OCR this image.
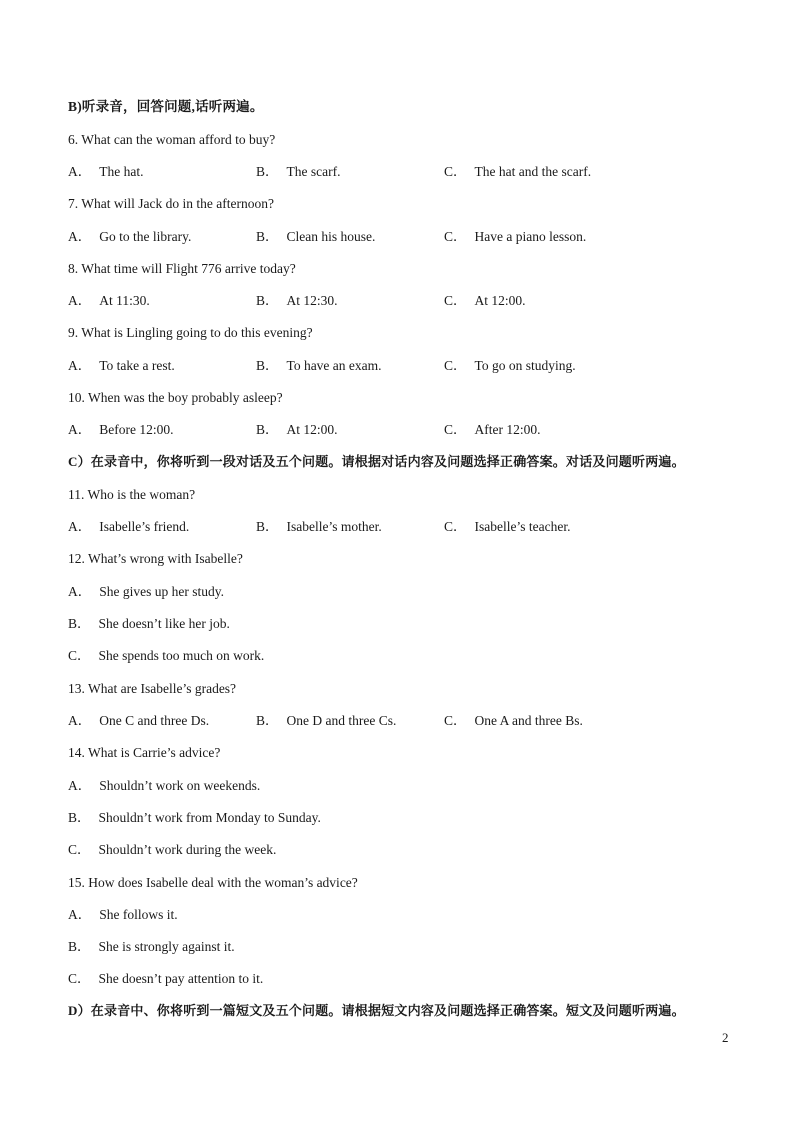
B)听录音，回答问题,话听两遍。
6. What can the woman afford to buy?
A． The hat.	B． The scarf.	C． The hat and the scarf.
7. What will Jack do in the afternoon?
A． Go to the library.	B． Clean his house.	C． Have a piano lesson.
8. What time will Flight 776 arrive today?
A． At 11:30.	B． At 12:30.	C． At 12:00.
9. What is Lingling going to do this evening?
A． To take a rest.	B． To have an exam.	C． To go on studying.
10. When was the boy probably asleep?
A． Before 12:00.	B． At 12:00.	C． After 12:00.
C）在录音中，你将听到一段对话及五个问题。请根据对话内容及问题选择正确答案。对话及问题听两遍。
11. Who is the woman?
A． Isabelle’s friend.	B． Isabelle’s mother.	C． Isabelle’s teacher.
12. What’s wrong with Isabelle?
A． She gives up her study.
B． She doesn’t like her job.
C． She spends too much on work.
13. What are Isabelle’s grades?
A． One C and three Ds.	B． One D and three Cs.	C． One A and three Bs.
14. What is Carrie’s advice?
A． Shouldn’t work on weekends.
B． Shouldn’t work from Monday to Sunday.
C． Shouldn’t work during the week.
15. How does Isabelle deal with the woman’s advice?
A． She follows it.
B． She is strongly against it.
C． She doesn’t pay attention to it.
D）在录音中、你将听到一篇短文及五个问题。请根据短文内容及问题选择正确答案。短文及问题听两遍。
2
